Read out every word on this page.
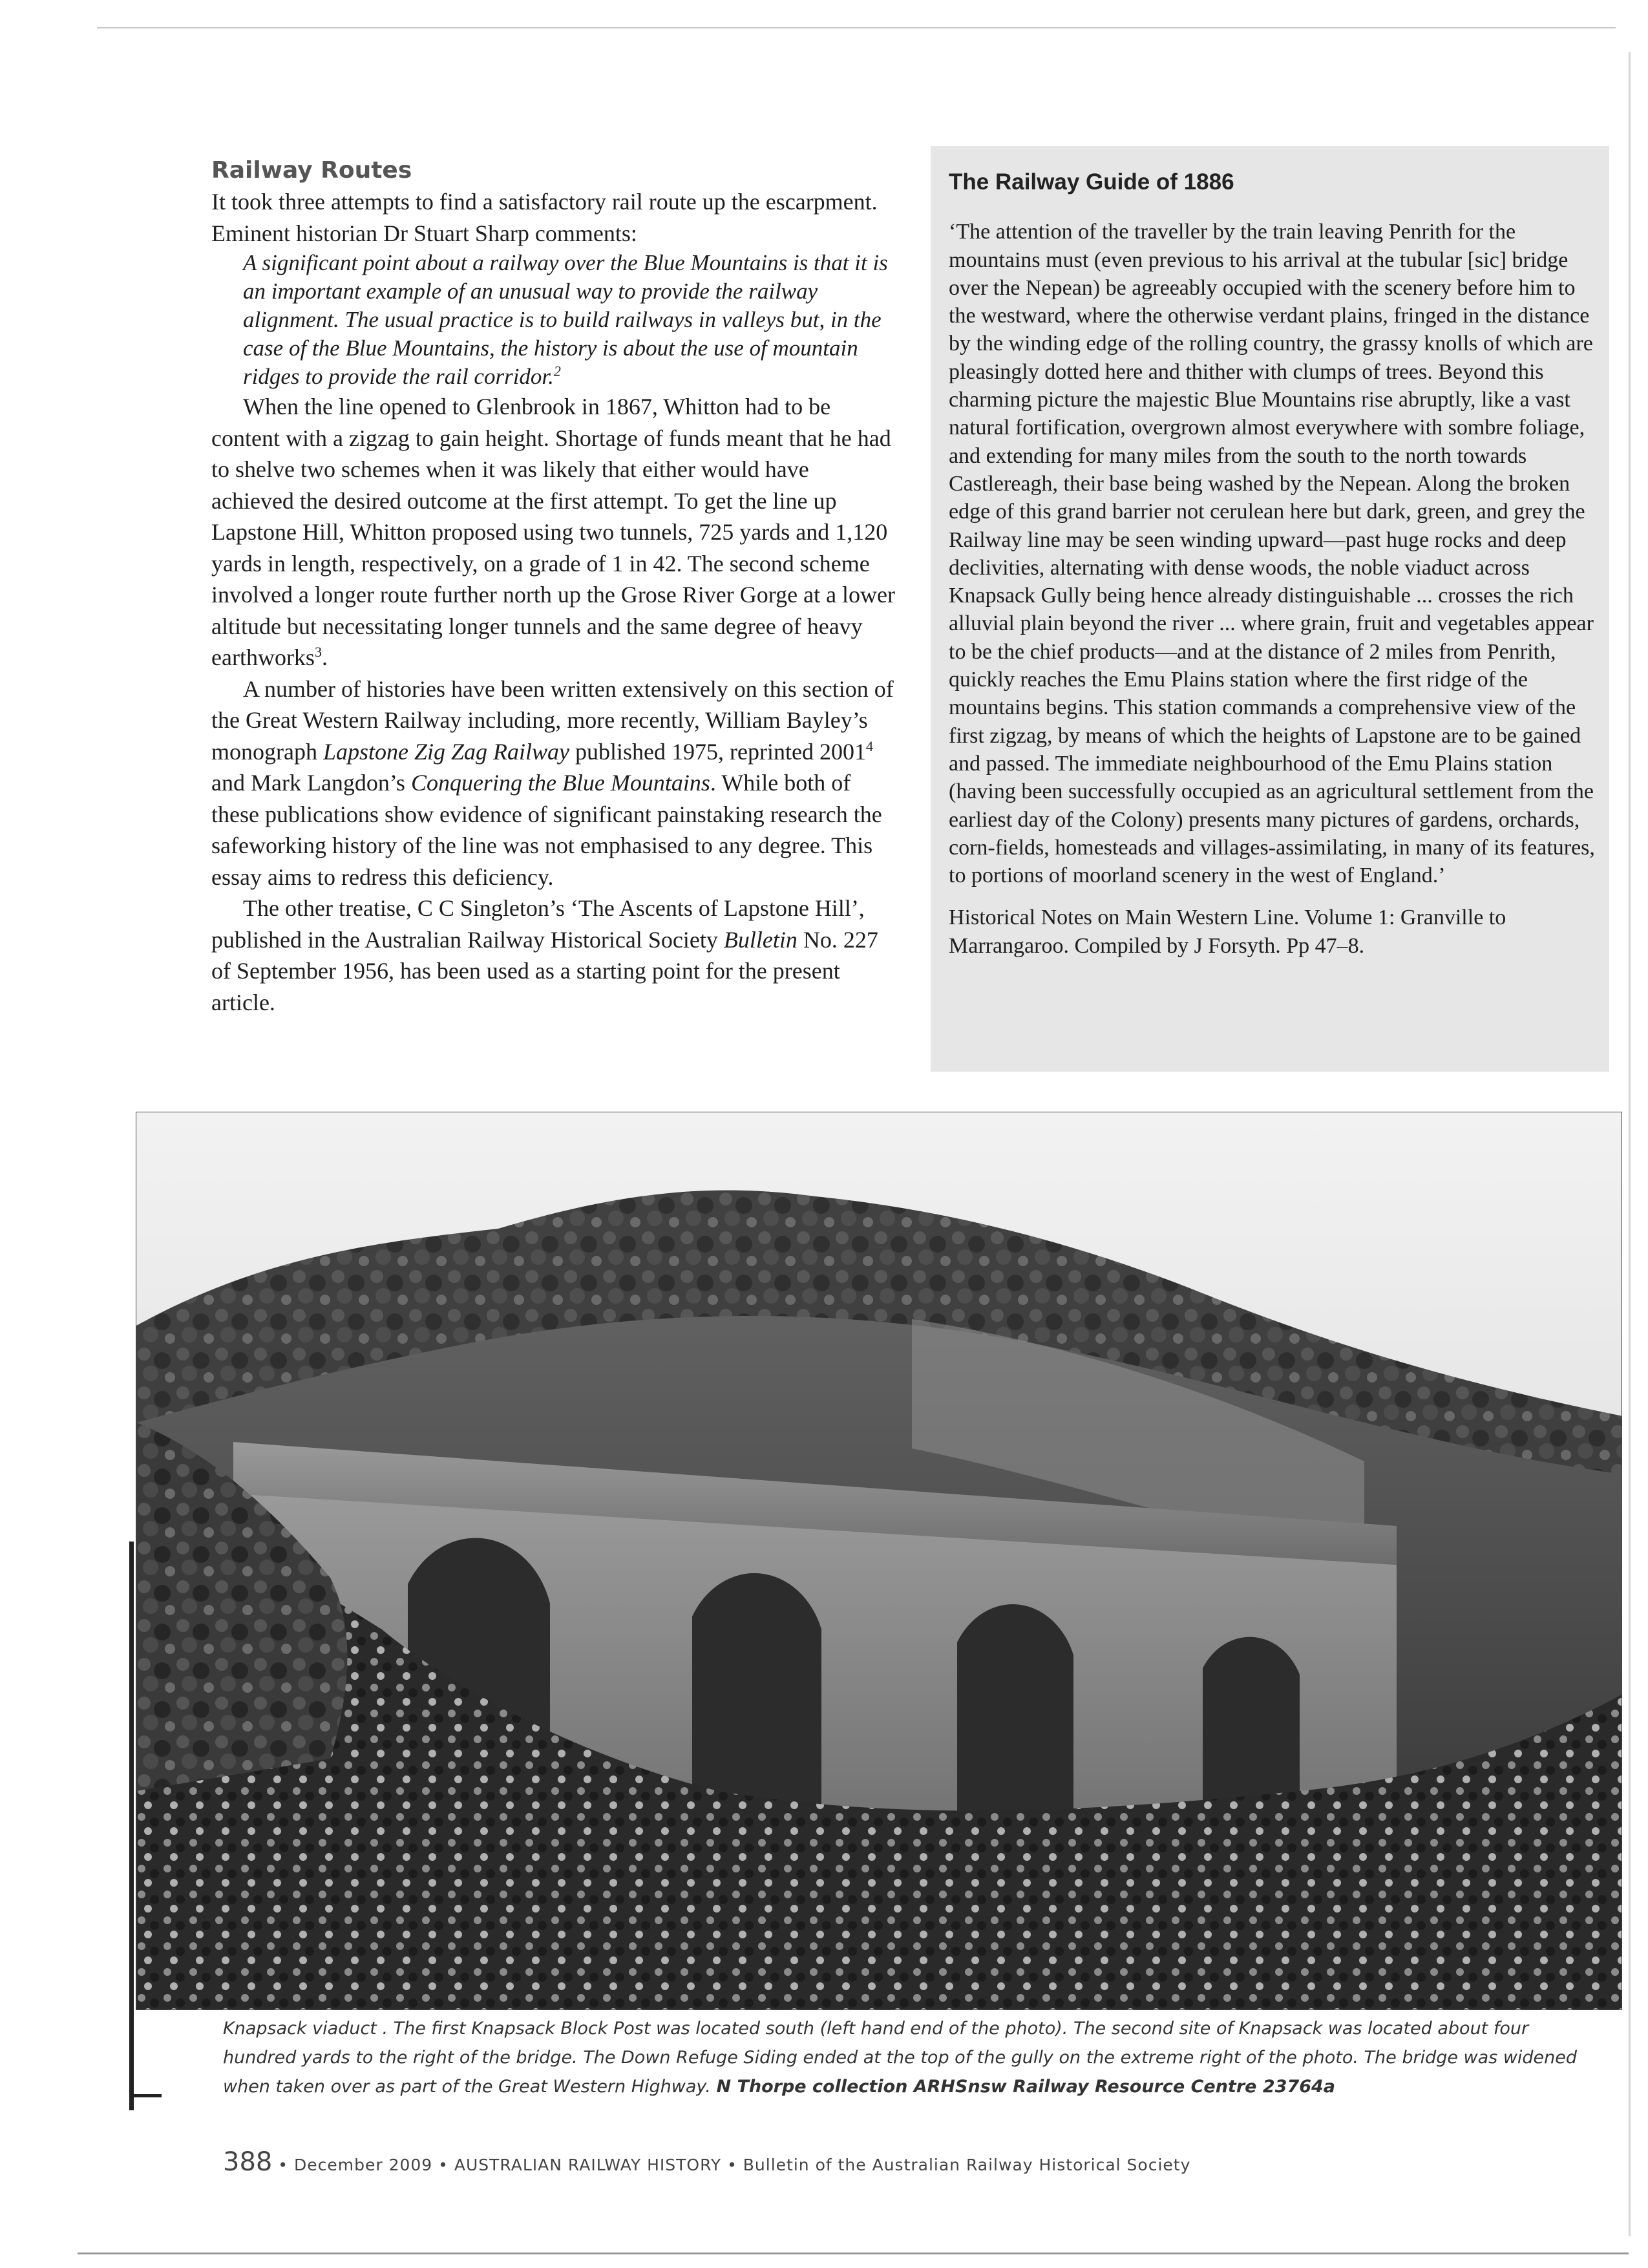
Railway Routes

It took three attempts to find a satisfactory rail route up the escarpment. Eminent historian Dr Stuart Sharp comments:

A significant point about a railway over the Blue Mountains is that it is an important example of an unusual way to provide the railway alignment. The usual practice is to build railways in valleys but, in the case of the Blue Mountains, the history is about the use of mountain ridges to provide the rail corridor.$^2$

When the line opened to Glenbrook in 1867, Whitton had to be content with a zigzag to gain height. Shortage of funds meant that he had to shelve two schemes when it was likely that either would have achieved the desired outcome at the first attempt. To get the line up Lapstone Hill, Whitton proposed using two tunnels, 725 yards and 1,120 yards in length, respectively, on a grade of 1 in 42. The second scheme involved a longer route further north up the Grose River Gorge at a lower altitude but necessitating longer tunnels and the same degree of heavy earthworks$^3$.

A number of histories have been written extensively on this section of the Great Western Railway including, more recently, William Bayley’s monograph Lapstone Zig Zag Railway published 1975, reprinted 2001$^4$ and Mark Langdon’s Conquering the Blue Mountains. While both of these publications show evidence of significant painstaking research the safeworking history of the line was not emphasised to any degree. This essay aims to redress this deficiency.

The other treatise, C C Singleton’s ‘The Ascents of Lapstone Hill’, published in the Australian Railway Historical Society Bulletin No. 227 of September 1956, has been used as a starting point for the present article.

The Railway Guide of 1886

‘The attention of the traveller by the train leaving Penrith for the mountains must (even previous to his arrival at the tubular [sic] bridge over the Nepean) be agreeably occupied with the scenery before him to the westward, where the otherwise verdant plains, fringed in the distance by the winding edge of the rolling country, the grassy knolls of which are pleasingly dotted here and thither with clumps of trees. Beyond this charming picture the majestic Blue Mountains rise abruptly, like a vast natural fortification, overgrown almost everywhere with sombre foliage, and extending for many miles from the south to the north towards Castlereagh, their base being washed by the Nepean. Along the broken edge of this grand barrier not cerulean here but dark, green, and grey the Railway line may be seen winding upward—past huge rocks and deep declivities, alternating with dense woods, the noble viaduct across Knapsack Gully being hence already distinguishable ... crosses the rich alluvial plain beyond the river ... where grain, fruit and vegetables appear to be the chief products—and at the distance of 2 miles from Penrith, quickly reaches the Emu Plains station where the first ridge of the mountains begins. This station commands a comprehensive view of the first zigzag, by means of which the heights of Lapstone are to be gained and passed. The immediate neighbourhood of the Emu Plains station (having been successfully occupied as an agricultural settlement from the earliest day of the Colony) presents many pictures of gardens, orchards, corn-fields, homesteads and villages-assimilating, in many of its features, to portions of moorland scenery in the west of England.’

Historical Notes on Main Western Line. Volume 1: Granville to Marrangaroo. Compiled by J Forsyth. Pp 47–8.

Knapsack viaduct . The first Knapsack Block Post was located south (left hand end of the photo). The second site of Knapsack was located about four hundred yards to the right of the bridge. The Down Refuge Siding ended at the top of the gully on the extreme right of the photo. The bridge was widened when taken over as part of the Great Western Highway. N Thorpe collection ARHSnsw Railway Resource Centre 23764a
388 • December 2009 • AUSTRALIAN RAILWAY HISTORY • Bulletin of the Australian Railway Historical Society
